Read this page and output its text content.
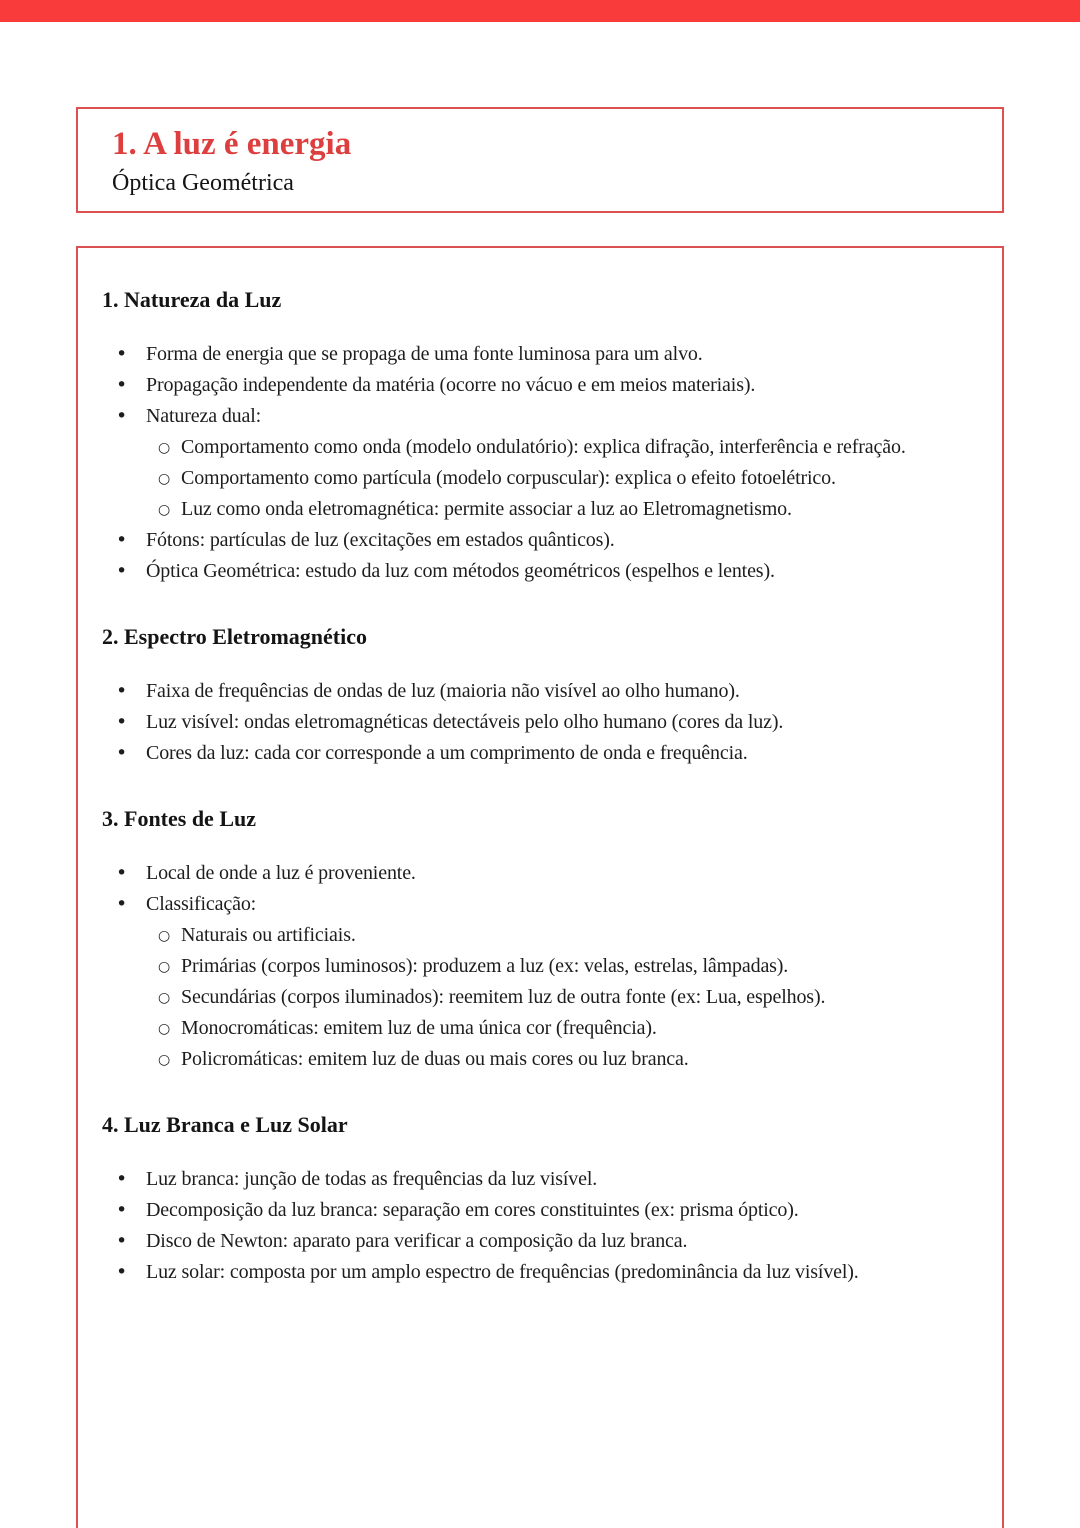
1. A luz é energia
Óptica Geométrica
1. Natureza da Luz
• Forma de energia que se propaga de uma fonte luminosa para um alvo.
• Propagação independente da matéria (ocorre no vácuo e em meios materiais).
• Natureza dual:
○ Comportamento como onda (modelo ondulatório): explica difração, interferência e refração.
○ Comportamento como partícula (modelo corpuscular): explica o efeito fotoelétrico.
○ Luz como onda eletromagnética: permite associar a luz ao Eletromagnetismo.
• Fótons: partículas de luz (excitações em estados quânticos).
• Óptica Geométrica: estudo da luz com métodos geométricos (espelhos e lentes).
2. Espectro Eletromagnético
• Faixa de frequências de ondas de luz (maioria não visível ao olho humano).
• Luz visível: ondas eletromagnéticas detectáveis pelo olho humano (cores da luz).
• Cores da luz: cada cor corresponde a um comprimento de onda e frequência.
3. Fontes de Luz
• Local de onde a luz é proveniente.
• Classificação:
○ Naturais ou artificiais.
○ Primárias (corpos luminosos): produzem a luz (ex: velas, estrelas, lâmpadas).
○ Secundárias (corpos iluminados): reemitem luz de outra fonte (ex: Lua, espelhos).
○ Monocromáticas: emitem luz de uma única cor (frequência).
○ Policromáticas: emitem luz de duas ou mais cores ou luz branca.
4. Luz Branca e Luz Solar
• Luz branca: junção de todas as frequências da luz visível.
• Decomposição da luz branca: separação em cores constituintes (ex: prisma óptico).
• Disco de Newton: aparato para verificar a composição da luz branca.
• Luz solar: composta por um amplo espectro de frequências (predominância da luz visível).
